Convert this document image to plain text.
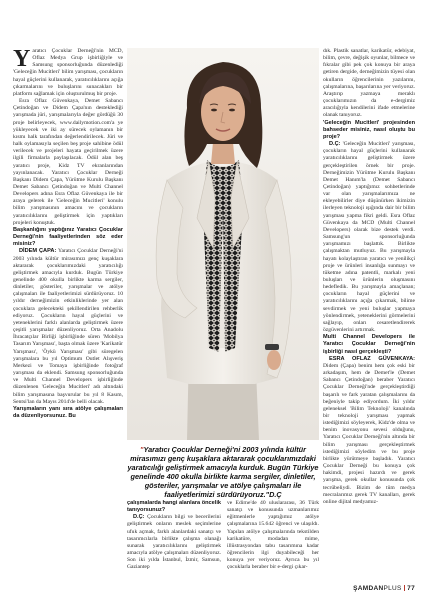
Yaratıcı Çocuklar Derneği'nin MCD, Oflaz Medya Grup işbirliğiyle ve Samsung sponsorluğunda düzenlediği 'Geleceğin Mucitleri' bilim yarışması, çocukların hayal güçlerini kullanarak, yaratıcılıklarını açığa çıkarmalarını ve buluşlarını sunacakları bir platform sağlamak için oluşturulmuş bir proje.

Esra Oflaz Güvenkaya, Demet Sabancı Çetindoğan ve Didem Çapa'nın desteklediği yarışmada jüri, yarışmalarıyla değer gördüğü 30 proje belirleyecek, www.dailymotion.com'a ye yükleyecek ve iki ay sürecek oylamanın bir kısmı halk tarafından değerlendirilecek. Jüri ve halk oylamasıyla seçilen beş proje sahibine ödül verilecek ve projeleri hayata geçirilmek üzere ilgili firmalarla paylaşılacak. Ödül alan beş yaratıcı proje, Kidz TV ekranlarından yayınlanacak. Yaratıcı Çocuklar Derneği Başkanı Didem Çapa, Yürütme Kurulu Başkanı Demet Sabancı Çetindoğan ve Multi Channel Developers adına Esra Oflaz Güvenkaya ile bir araya gelerek ile 'Geleceğin Mucitleri' konulu bilim yarışmasının amacını ve çocukların yaratıcılıklarını geliştirmek için yaptıkları projeleri konuştuk.

Başkanlığını yaptığınız Yaratıcı Çocuklar Derneği'nin faaliyetlerinden söz eder misiniz?

DİDEM ÇAPA: Yaratıcı Çocuklar Derneği'ni 2003 yılında kültür mirasımızı genç kuşaklara aktararak çocuklarımızdaki yaratıcılığı geliştirmek amacıyla kurduk. Bugün Türkiye genelinde 400 okulla birlikte karma sergiler, dinletiler, gösteriler, yarışmalar ve atölye çalışmaları ile faaliyetlerimizi sürdürüyoruz. 10 yıldır derneğimizin etkinliklerinde yer alan çocuklara gelecekteki şekillendirilen rehberlik ediyoruz. Çocukların hayal güçlerini ve yeteneklerini farklı alanlarda geliştirmek üzere çeşitli yarışmalar düzenliyoruz. Orta Anadolu İhracatçılar Birliği işbirliğinde süren 'Mobilya Tasarım Yarışması', başta olmak üzere 'Karikatür Yarışması', 'Öykü Yarışması' gibi süregelen yarışmalara bu yıl Optimum Outlet Alışveriş Merkezi ve Tomaya işbirliğinde fotoğraf yarışması da eklendi. Samsung sponsorluğunda ve Multi Channel Developers işbirliğinde düzenlenen 'Geleceğin Mucitleri' adı altındaki bilim yarışmasına başvurular bu yıl 8 Kasım, Sentsi'lan da Mayıs 2014'de belli olacak.

Yarışmaların yanı sıra atölye çalışmaları da düzenliyorsunuz. Bu

"Yaratıcı Çocuklar Derneği'ni 2003 yılında kültür mirasımızı genç kuşaklara aktararak çocuklarımızdaki yaratıcılığı geliştirmek amacıyla kurduk. Bugün Türkiye genelinde 400 okulla birlikte karma sergiler, dinletiler, gösteriler, yarışmalar ve atölye çalışmaları ile faaliyetlerimizi sürdürüyoruz."D.Ç

çalışmalarda hangi alanlara öncelik tanıyorsunuz?

D.Ç: Çocukların bilgi ve becerilerini geliştirmek onların meslek seçimlerine ufuk açmak, farklı alanlardaki sanatçı ve tasarımcılarla birlikte çalışma olanağı sunarak yaratıcılıklarını geliştirmek amacıyla atölye çalışmaları düzenliyoruz. Son iki yılda İstanbul, İzmir, Samsun, Gaziantep

ve Edirne'de 40 uluslararası, 36 Türk sanatçı ve konusunda uzmanlarımız eğitmenlerle yaptığımız atölye çalışmalarına 15.642 öğrenci ve ulaşıldı. Yapılan atölye çalışmalarında tekstilden karikatüre, modadan mime, illüstrasyondan tabu tasarımına kadar öğrencilerin ilgi duyabileceği her konuya yer veriyoruz. Ayrıca bu yıl çocuklarla beraber bir e-dergi çıkar-

dık. Plastik sanatlar, karikatür, edebiyat, bilim, çevre, değişik oyunlar, bilmece ve fıkralar gibi pek çok konuya bir araya getiren dergide, derneğimizin tüyesi olan okulların öğrencilerinin yazılarını, çalışmalarına, başarılarına yer veriyoruz. Araştırıp yazmaya meraklı çocuklarımızın da e-dergimiz aracılığıyla kendilerini ifade etmelerine olanak tanıyoruz.

'Geleceğin Mucitleri' projesinden bahseder misiniz, nasıl oluştu bu proje?

D.Ç: 'Geleceğin Mucitleri' yarışması, çocukların hayal güçlerini kullanarak yaratıcılıklarını geliştirmek üzere gerçekleştirilen örnek bir proje. Derneğimizin Yürütme Kurulu Başkanı Demet Hanım'la (Demet Sabancı Çetindoğan) yaptığımız sohbetlerinde var olan yarışmalarımıza ne ekleyebilirler diye düşünürken ikimizin ilerleyen teknoloji ışığında dair bir bilim yarışması yapma fikri geldi. Esra Oflaz Güvenkaya da MCD (Multi Channel Developers) olarak bize destek verdi. Samsung'un sponsorluğunda yarışmamızı başlattık. Birlikte çalışmaktan mutluyuz. Bu yarışmayla hayatı kolaylaştıran yaratıcı ve yenilikçi proje ve ürünleri insanlığa sunmayı ve tüketme adına patentli, markalı yeni buluşları ve ürünlerin oluşmasını hedefledik. Bu yarışmayla amaçlanan; çocukların hayal güçlerini ve yaratıcılıklarını açığa çıkarmak, bilime sevdirmek ve yeni buluşlar yapmaya yönlendirmek, yeteneklerini görmelerini sağlayıp, onları cesaretlendirerek özgüvenlerini artırmak.

Multi Channel Developers ile Yaratıcı Çocuklar Derneği'nin işbirliği nasıl gerçekleşti?

ESRA OFLAZ GÜVENKAYA: Didem (Çapa) benim hem çok eski bir arkadaşım, hem de Demet'le (Demet Sabancı Çetindoğan) beraber Yaratıcı Çocuklar Derneği'nde gerçekleştirdiği başarılı ve fark yaratan çalışmalarını da beğeniyle takip ediyordum. İki yıldır geleneksel 'Bilim Teknoloji' kanalında bir teknoloji yarışması yapmak istediğimizi söyleyerek, Kidz'de olma ve benim inovasyonu sevesi olduğunu, Yaratıcı Çocuklar Derneği'nin altında bir bilim yarışması gerçekleştirmek istediğimizi söyledim ve bu proje birlikte yürütmeye başladık. Yaratıcı Çocuklar Derneği bu konuya çok hakimdi, projesi hazırdı ve gerek yarışma, gerek okullar konusunda çok tecrübeliydi. Bizim de tüm medya mecralarımız gerek TV kanalları, gerek online dijital medyamız-

ŞAMDANPLUS 77
